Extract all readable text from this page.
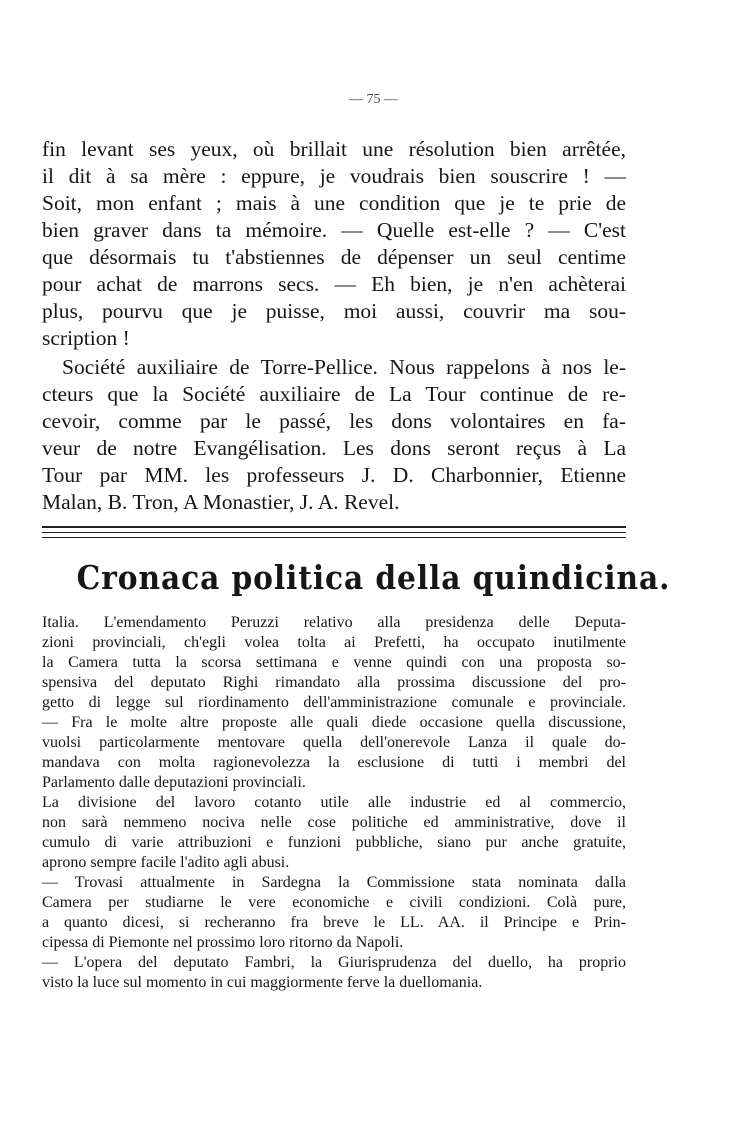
— 75 —
fin levant ses yeux, où brillait une résolution bien arrêtée,
il dit à sa mère : eppure, je voudrais bien souscrire ! —
Soit, mon enfant ; mais à une condition que je te prie de
bien graver dans ta mémoire. — Quelle est-elle ? — C'est
que désormais tu t'abstiennes de dépenser un seul centime
pour achat de marrons secs. — Eh bien, je n'en achèterai
plus, pourvu que je puisse, moi aussi, couvrir ma sou-
scription !
Société auxiliaire de Torre-Pellice. Nous rappelons à nos le-
cteurs que la Société auxiliaire de La Tour continue de re-
cevoir, comme par le passé, les dons volontaires en fa-
veur de notre Evangélisation. Les dons seront reçus à La
Tour par MM. les professeurs J. D. Charbonnier, Etienne
Malan, B. Tron, A Monastier, J. A. Revel.
Cronaca politica della quindicina.
Italia. L'emendamento Peruzzi relativo alla presidenza delle Deputa-
zioni provinciali, ch'egli volea tolta ai Prefetti, ha occupato inutilmente
la Camera tutta la scorsa settimana e venne quindi con una proposta so-
spensiva del deputato Righi rimandato alla prossima discussione del pro-
getto di legge sul riordinamento dell'amministrazione comunale e provinciale.
— Fra le molte altre proposte alle quali diede occasione quella discussione,
vuolsi particolarmente mentovare quella dell'onerevole Lanza il quale do-
mandava con molta ragionevolezza la esclusione di tutti i membri del
Parlamento dalle deputazioni provinciali.
La divisione del lavoro cotanto utile alle industrie ed al commercio,
non sarà nemmeno nociva nelle cose politiche ed amministrative, dove il
cumulo di varie attribuzioni e funzioni pubbliche, siano pur anche gratuite,
aprono sempre facile l'adito agli abusi.
— Trovasi attualmente in Sardegna la Commissione stata nominata dalla
Camera per studiarne le vere economiche e civili condizioni. Colà pure,
a quanto dicesi, si recheranno fra breve le LL. AA. il Principe e Prin-
cipessa di Piemonte nel prossimo loro ritorno da Napoli.
— L'opera del deputato Fambri, la Giurisprudenza del duello, ha proprio
visto la luce sul momento in cui maggiormente ferve la duellomania.
